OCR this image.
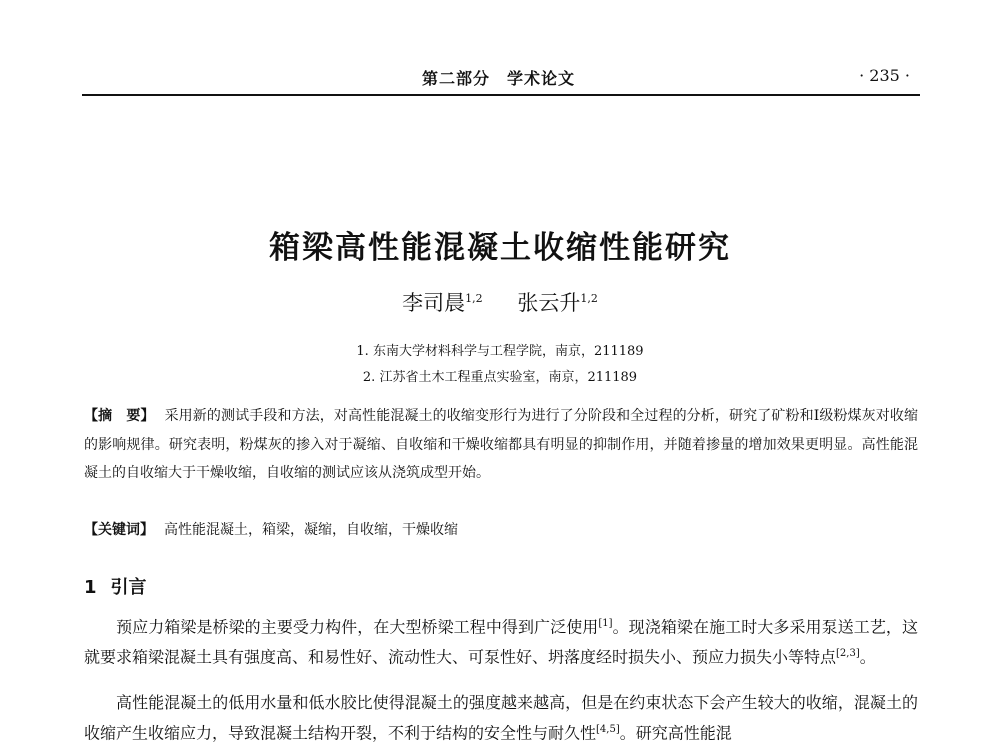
第二部分　学术论文	· 235 ·
箱梁高性能混凝土收缩性能研究
李司晨$^{1,2}$ 张云升$^{1,2}$
1. 东南大学材料科学与工程学院，南京，211189
2. 江苏省土木工程重点实验室，南京，211189
【摘　要】 采用新的测试手段和方法，对高性能混凝土的收缩变形行为进行了分阶段和全过程的分析，研究了矿粉和Ⅰ级粉煤灰对收缩的影响规律。研究表明，粉煤灰的掺入对于凝缩、自收缩和干燥收缩都具有明显的抑制作用，并随着掺量的增加效果更明显。高性能混凝土的自收缩大于干燥收缩，自收缩的测试应该从浇筑成型开始。
【关键词】 高性能混凝土，箱梁，凝缩，自收缩，干燥收缩
1 引言
预应力箱梁是桥梁的主要受力构件，在大型桥梁工程中得到广泛使用[1]。现浇箱梁在施工时大多采用泵送工艺，这就要求箱梁混凝土具有强度高、和易性好、流动性大、可泵性好、坍落度经时损失小、预应力损失小等特点[2,3]。
高性能混凝土的低用水量和低水胶比使得混凝土的强度越来越高，但是在约束状态下会产生较大的收缩，混凝土的收缩产生收缩应力，导致混凝土结构开裂，不利于结构的安全性与耐久性[4,5]。研究高性能混
